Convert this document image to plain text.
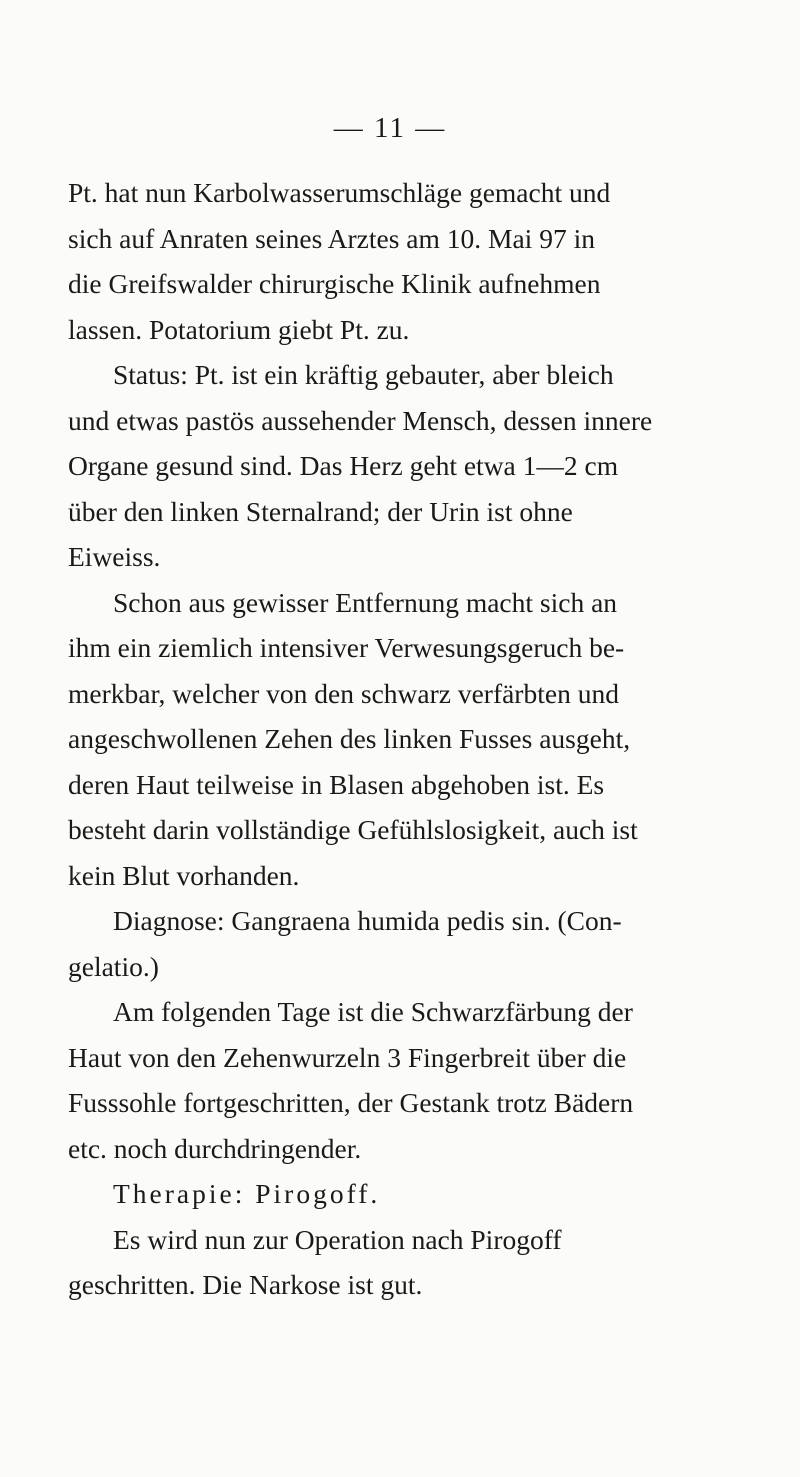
— 11 —
Pt. hat nun Karbolwasserumschläge gemacht und
sich auf Anraten seines Arztes am 10. Mai 97 in
die Greifswalder chirurgische Klinik aufnehmen
lassen. Potatorium giebt Pt. zu.
Status: Pt. ist ein kräftig gebauter, aber bleich
und etwas pastös aussehender Mensch, dessen innere
Organe gesund sind. Das Herz geht etwa 1—2 cm
über den linken Sternalrand; der Urin ist ohne
Eiweiss.
Schon aus gewisser Entfernung macht sich an
ihm ein ziemlich intensiver Verwesungsgeruch be-
merkbar, welcher von den schwarz verfärbten und
angeschwollenen Zehen des linken Fusses ausgeht,
deren Haut teilweise in Blasen abgehoben ist. Es
besteht darin vollständige Gefühlslosigkeit, auch ist
kein Blut vorhanden.
Diagnose: Gangraena humida pedis sin. (Con-
gelatio.)
Am folgenden Tage ist die Schwarzfärbung der
Haut von den Zehenwurzeln 3 Fingerbreit über die
Fusssohle fortgeschritten, der Gestank trotz Bädern
etc. noch durchdringender.
Therapie: Pirogoff.
Es wird nun zur Operation nach Pirogoff
geschritten. Die Narkose ist gut.
